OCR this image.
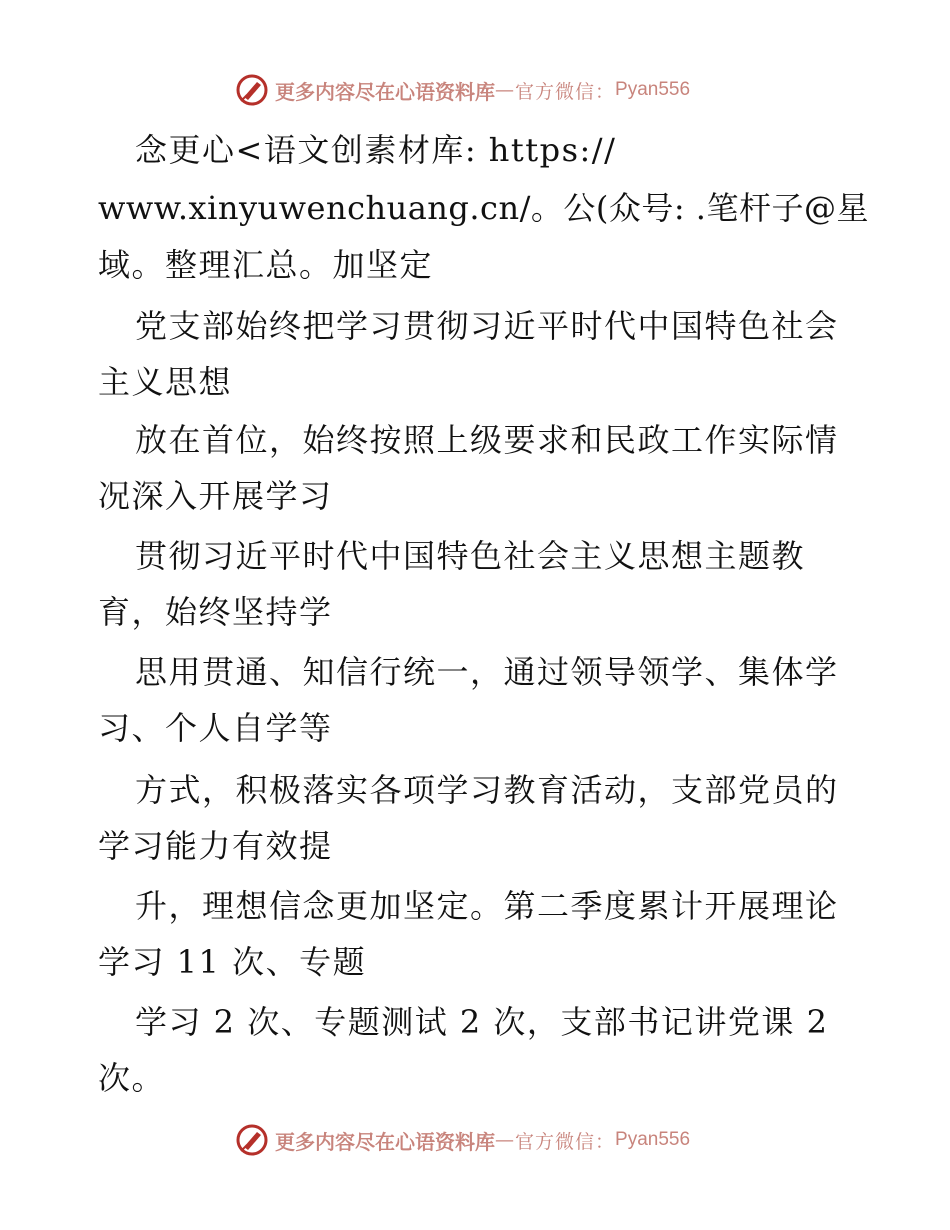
更多内容尽在心语资料库 — 官方微信： Pyan556
念更心<语文创素材库: https://
www.xinyuwenchuang.cn/。公(众号: .笔杆子@星
域。整理汇总。加坚定
党支部始终把学习贯彻习近平时代中国特色社会
主义思想
放在首位，始终按照上级要求和民政工作实际情
况深入开展学习
贯彻习近平时代中国特色社会主义思想主题教
育，始终坚持学
思用贯通、知信行统一，通过领导领学、集体学
习、个人自学等
方式，积极落实各项学习教育活动，支部党员的
学习能力有效提
升，理想信念更加坚定。第二季度累计开展理论
学习 11 次、专题
学习 2 次、专题测试 2 次，支部书记讲党课 2
次。
更多内容尽在心语资料库 — 官方微信： Pyan556
